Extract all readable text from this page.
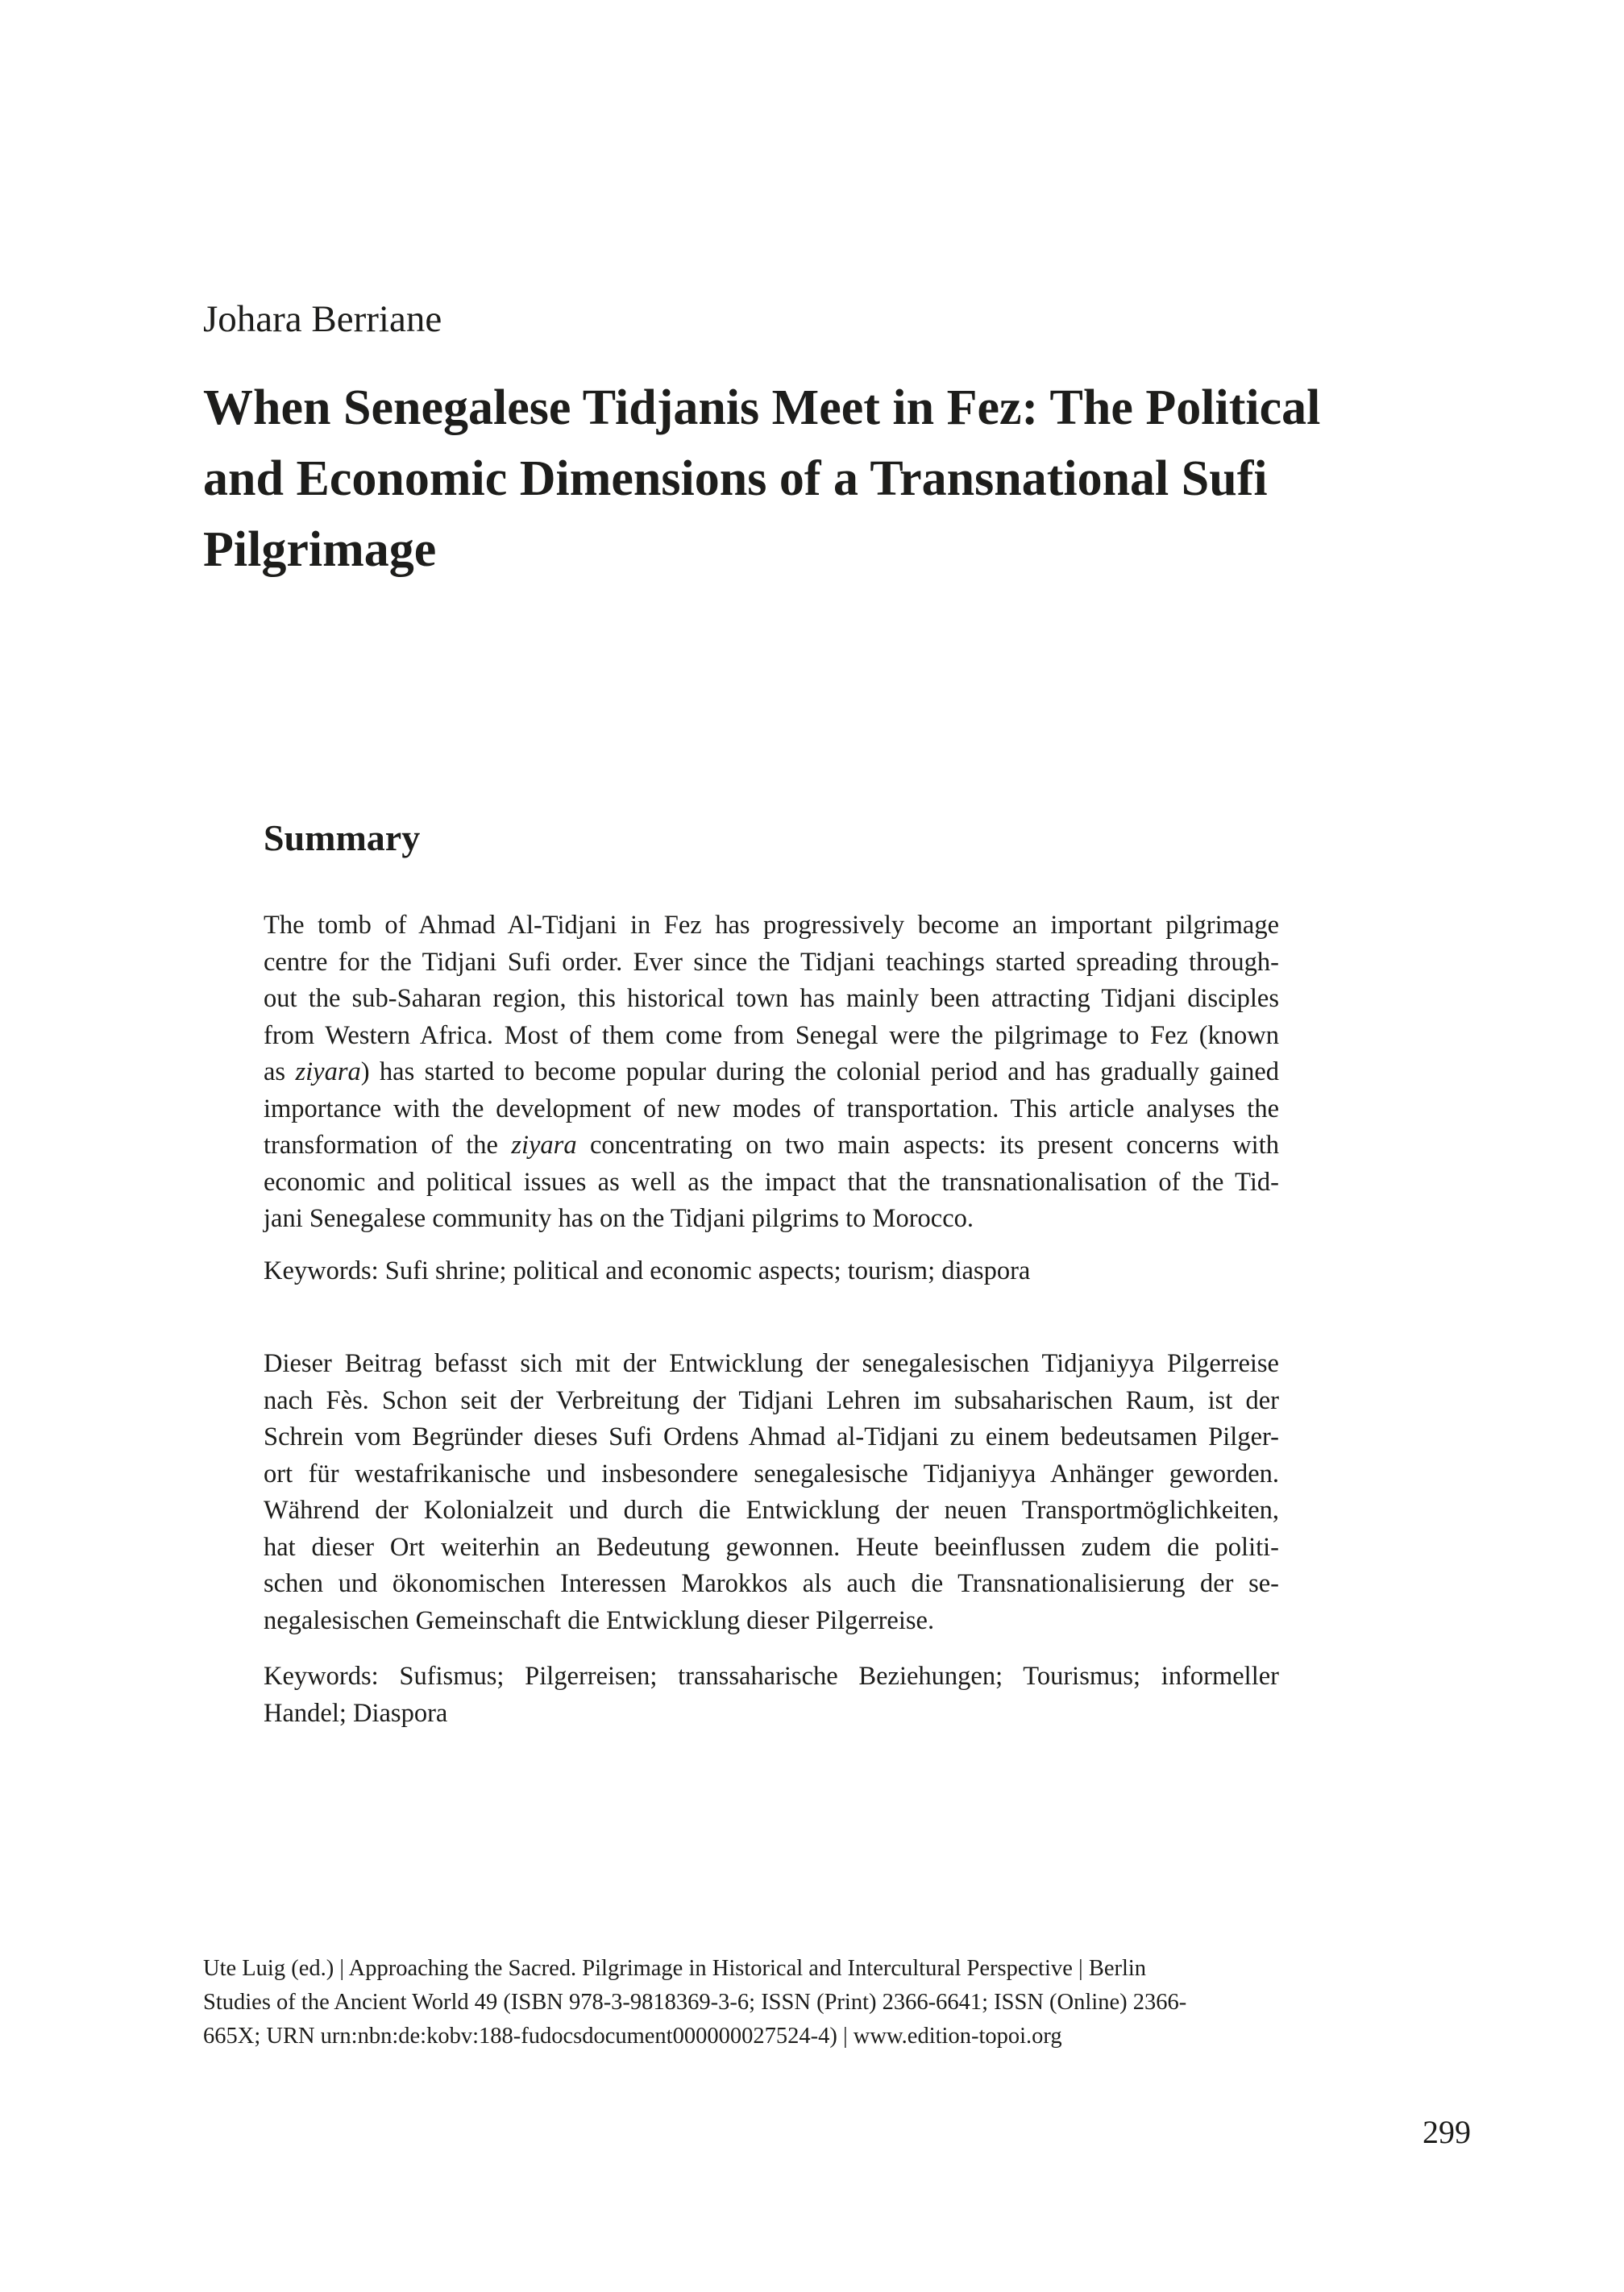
Johara Berriane

When Senegalese Tidjanis Meet in Fez: The Political
and Economic Dimensions of a Transnational Sufi
Pilgrimage
Summary
The tomb of Ahmad Al-Tidjani in Fez has progressively become an important pilgrimage
centre for the Tidjani Sufi order. Ever since the Tidjani teachings started spreading through-
out the sub-Saharan region, this historical town has mainly been attracting Tidjani disciples
from Western Africa. Most of them come from Senegal were the pilgrimage to Fez (known
as ziyara) has started to become popular during the colonial period and has gradually gained
importance with the development of new modes of transportation. This article analyses the
transformation of the ziyara concentrating on two main aspects: its present concerns with
economic and political issues as well as the impact that the transnationalisation of the Tid-
jani Senegalese community has on the Tidjani pilgrims to Morocco.
Keywords: Sufi shrine; political and economic aspects; tourism; diaspora
Dieser Beitrag befasst sich mit der Entwicklung der senegalesischen Tidjaniyya Pilgerreise
nach Fès. Schon seit der Verbreitung der Tidjani Lehren im subsaharischen Raum, ist der
Schrein vom Begründer dieses Sufi Ordens Ahmad al-Tidjani zu einem bedeutsamen Pilger-
ort für westafrikanische und insbesondere senegalesische Tidjaniyya Anhänger geworden.
Während der Kolonialzeit und durch die Entwicklung der neuen Transportmöglichkeiten,
hat dieser Ort weiterhin an Bedeutung gewonnen. Heute beeinflussen zudem die politi-
schen und ökonomischen Interessen Marokkos als auch die Transnationalisierung der se-
negalesischen Gemeinschaft die Entwicklung dieser Pilgerreise.
Keywords: Sufismus; Pilgerreisen; transsaharische Beziehungen; Tourismus; informeller
Handel; Diaspora
Ute Luig (ed.) | Approaching the Sacred. Pilgrimage in Historical and Intercultural Perspective | Berlin
Studies of the Ancient World 49 (ISBN 978-3-9818369-3-6; ISSN (Print) 2366-6641; ISSN (Online) 2366-
665X; URN urn:nbn:de:kobv:188-fudocsdocument000000027524-4) | www.edition-topoi.org

299
